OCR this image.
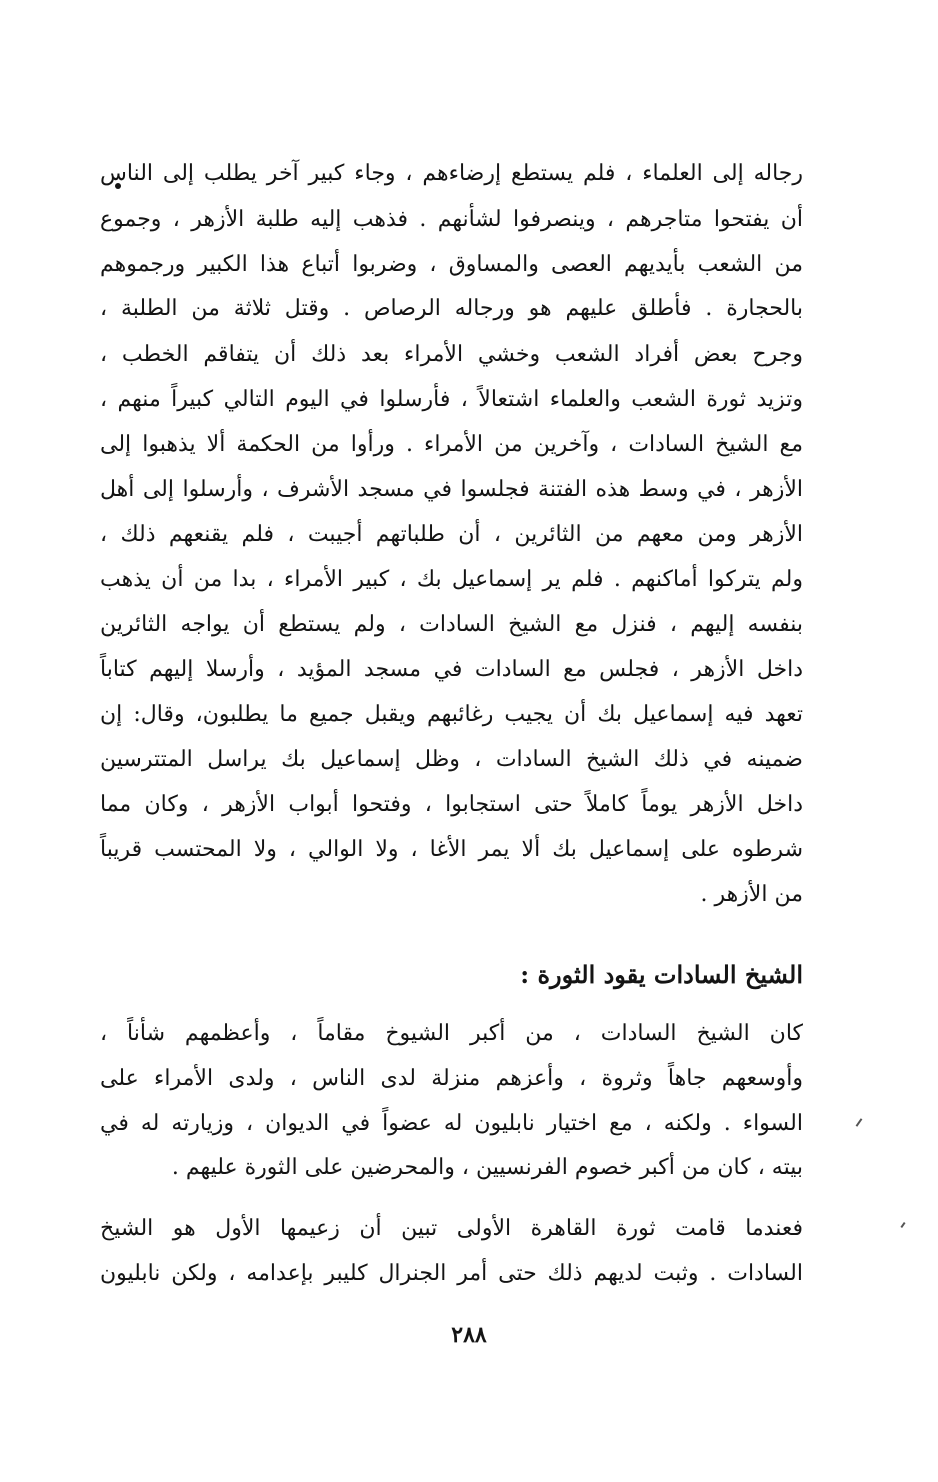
رجاله إلى العلماء ، فلم يستطع إرضاءهم ، وجاء كبير آخر يطلب إلى الناس
أن يفتحوا متاجرهم ، وينصرفوا لشأنهم . فذهب إليه طلبة الأزهر ، وجموع
من الشعب بأيديهم العصى والمساوق ، وضربوا أتباع هذا الكبير ورجموهم
بالحجارة . فأطلق عليهم هو ورجاله الرصاص . وقتل ثلاثة من الطلبة ،
وجرح بعض أفراد الشعب وخشي الأمراء بعد ذلك أن يتفاقم الخطب ،
وتزيد ثورة الشعب والعلماء اشتعالاً ، فأرسلوا في اليوم التالي كبيراً منهم ،
مع الشيخ السادات ، وآخرين من الأمراء . ورأوا من الحكمة ألا يذهبوا إلى
الأزهر ، في وسط هذه الفتنة فجلسوا في مسجد الأشرف ، وأرسلوا إلى أهل
الأزهر ومن معهم من الثائرين ، أن طلباتهم أجيبت ، فلم يقنعهم ذلك ،
ولم يتركوا أماكنهم . فلم ير إسماعيل بك ، كبير الأمراء ، بدا من أن يذهب
بنفسه إليهم ، فنزل مع الشيخ السادات ، ولم يستطع أن يواجه الثائرين
داخل الأزهر ، فجلس مع السادات في مسجد المؤيد ، وأرسلا إليهم كتاباً
تعهد فيه إسماعيل بك أن يجيب رغائبهم ويقبل جميع ما يطلبون، وقال: إن
ضمينه في ذلك الشيخ السادات ، وظل إسماعيل بك يراسل المتترسين
داخل الأزهر يوماً كاملاً حتى استجابوا ، وفتحوا أبواب الأزهر ، وكان مما
شرطوه على إسماعيل بك ألا يمر الأغا ، ولا الوالي ، ولا المحتسب قريباً
من الأزهر .
الشيخ السادات يقود الثورة :
كان الشيخ السادات ، من أكبر الشيوخ مقاماً ، وأعظمهم شأناً ،
وأوسعهم جاهاً وثروة ، وأعزهم منزلة لدى الناس ، ولدى الأمراء على
السواء . ولكنه ، مع اختيار نابليون له عضواً في الديوان ، وزيارته له في
بيته ، كان من أكبر خصوم الفرنسيين ، والمحرضين على الثورة عليهم .
فعندما قامت ثورة القاهرة الأولى تبين أن زعيمها الأول هو الشيخ
السادات . وثبت لديهم ذلك حتى أمر الجنرال كليبر بإعدامه ، ولكن نابليون
٢٨٨
